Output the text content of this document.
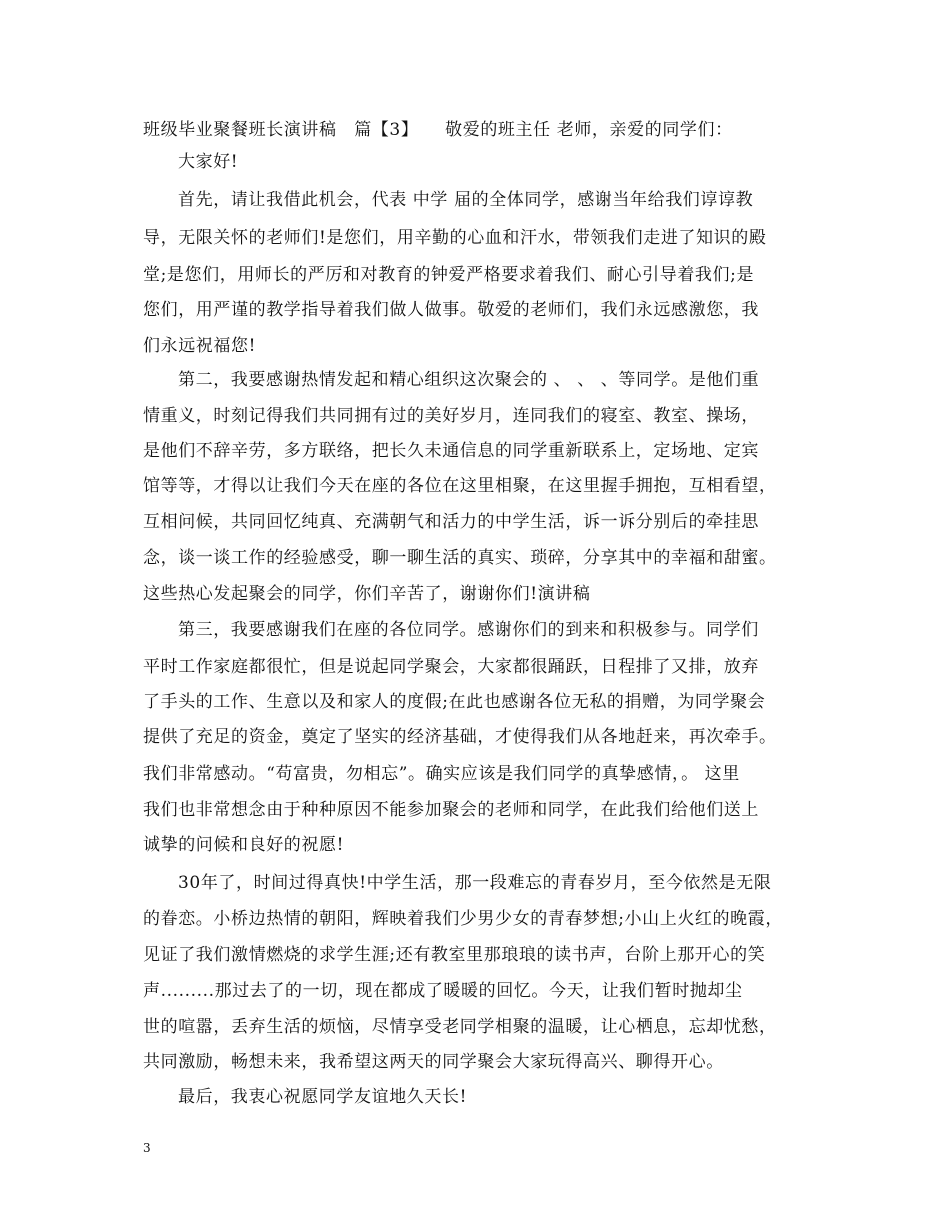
班级毕业聚餐班长演讲稿　篇【3】　　敬爱的班主任 老师，亲爱的同学们：
大家好!
首先，请让我借此机会，代表 中学 届的全体同学，感谢当年给我们谆谆教
导，无限关怀的老师们!是您们，用辛勤的心血和汗水，带领我们走进了知识的殿
堂;是您们，用师长的严厉和对教育的钟爱严格要求着我们、耐心引导着我们;是
您们，用严谨的教学指导着我们做人做事。敬爱的老师们，我们永远感激您，我
们永远祝福您!
第二，我要感谢热情发起和精心组织这次聚会的 、 、 、等同学。是他们重
情重义，时刻记得我们共同拥有过的美好岁月，连同我们的寝室、教室、操场，
是他们不辞辛劳，多方联络，把长久未通信息的同学重新联系上，定场地、定宾
馆等等，才得以让我们今天在座的各位在这里相聚，在这里握手拥抱，互相看望，
互相问候，共同回忆纯真、充满朝气和活力的中学生活，诉一诉分别后的牵挂思
念，谈一谈工作的经验感受，聊一聊生活的真实、琐碎，分享其中的幸福和甜蜜。
这些热心发起聚会的同学，你们辛苦了，谢谢你们!演讲稿
第三，我要感谢我们在座的各位同学。感谢你们的到来和积极参与。同学们
平时工作家庭都很忙，但是说起同学聚会，大家都很踊跃，日程排了又排，放弃
了手头的工作、生意以及和家人的度假;在此也感谢各位无私的捐赠，为同学聚会
提供了充足的资金，奠定了坚实的经济基础，才使得我们从各地赶来，再次牵手。
我们非常感动。“苟富贵，勿相忘”。确实应该是我们同学的真挚感情，。 这里
我们也非常想念由于种种原因不能参加聚会的老师和同学，在此我们给他们送上
诚挚的问候和良好的祝愿!
30年了，时间过得真快!中学生活，那一段难忘的青春岁月，至今依然是无限
的眷恋。小桥边热情的朝阳，辉映着我们少男少女的青春梦想;小山上火红的晚霞，
见证了我们激情燃烧的求学生涯;还有教室里那琅琅的读书声，台阶上那开心的笑
声.........那过去了的一切，现在都成了暖暖的回忆。今天，让我们暂时抛却尘
世的喧嚣，丢弃生活的烦恼，尽情享受老同学相聚的温暖，让心栖息，忘却忧愁，
共同激励，畅想未来，我希望这两天的同学聚会大家玩得高兴、聊得开心。
最后，我衷心祝愿同学友谊地久天长!
3
